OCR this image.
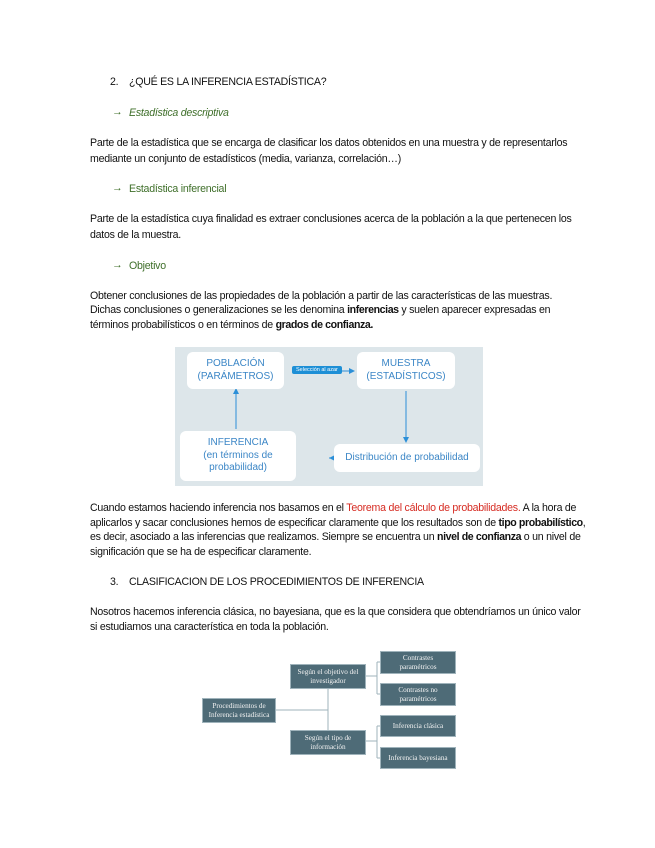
2. ¿QUÉ ES LA INFERENCIA ESTADÍSTICA?
→ Estadística descriptiva
Parte de la estadística que se encarga de clasificar los datos obtenidos en una muestra y de representarlos
mediante un conjunto de estadísticos (media, varianza, correlación…)
→ Estadística inferencial
Parte de la estadística cuya finalidad es extraer conclusiones acerca de la población a la que pertenecen los
datos de la muestra.
→ Objetivo
Obtener conclusiones de las propiedades de la población a partir de las características de las muestras.
Dichas conclusiones o generalizaciones se les denomina inferencias y suelen aparecer expresadas en
términos probabilísticos o en términos de grados de confianza.
POBLACIÓN
(PARÁMETROS)
Selección al azar
MUESTRA
(ESTADÍSTICOS)
Distribución de probabilidad
INFERENCIA
(en términos de
probabilidad)
Cuando estamos haciendo inferencia nos basamos en el Teorema del cálculo de probabilidades. A la hora de
aplicarlos y sacar conclusiones hemos de especificar claramente que los resultados son de tipo probabilístico,
es decir, asociado a las inferencias que realizamos. Siempre se encuentra un nivel de confianza o un nivel de
significación que se ha de especificar claramente.
3. CLASIFICACION DE LOS PROCEDIMIENTOS DE INFERENCIA
Nosotros hacemos inferencia clásica, no bayesiana, que es la que considera que obtendríamos un único valor
si estudiamos una característica en toda la población.
Procedimientos de
Inferencia estadística
Según el objetivo del
investigador
Según el tipo de
información
Contrastes
paramétricos
Contrastes no
paramétricos
Inferencia clásica
Inferencia bayesiana
